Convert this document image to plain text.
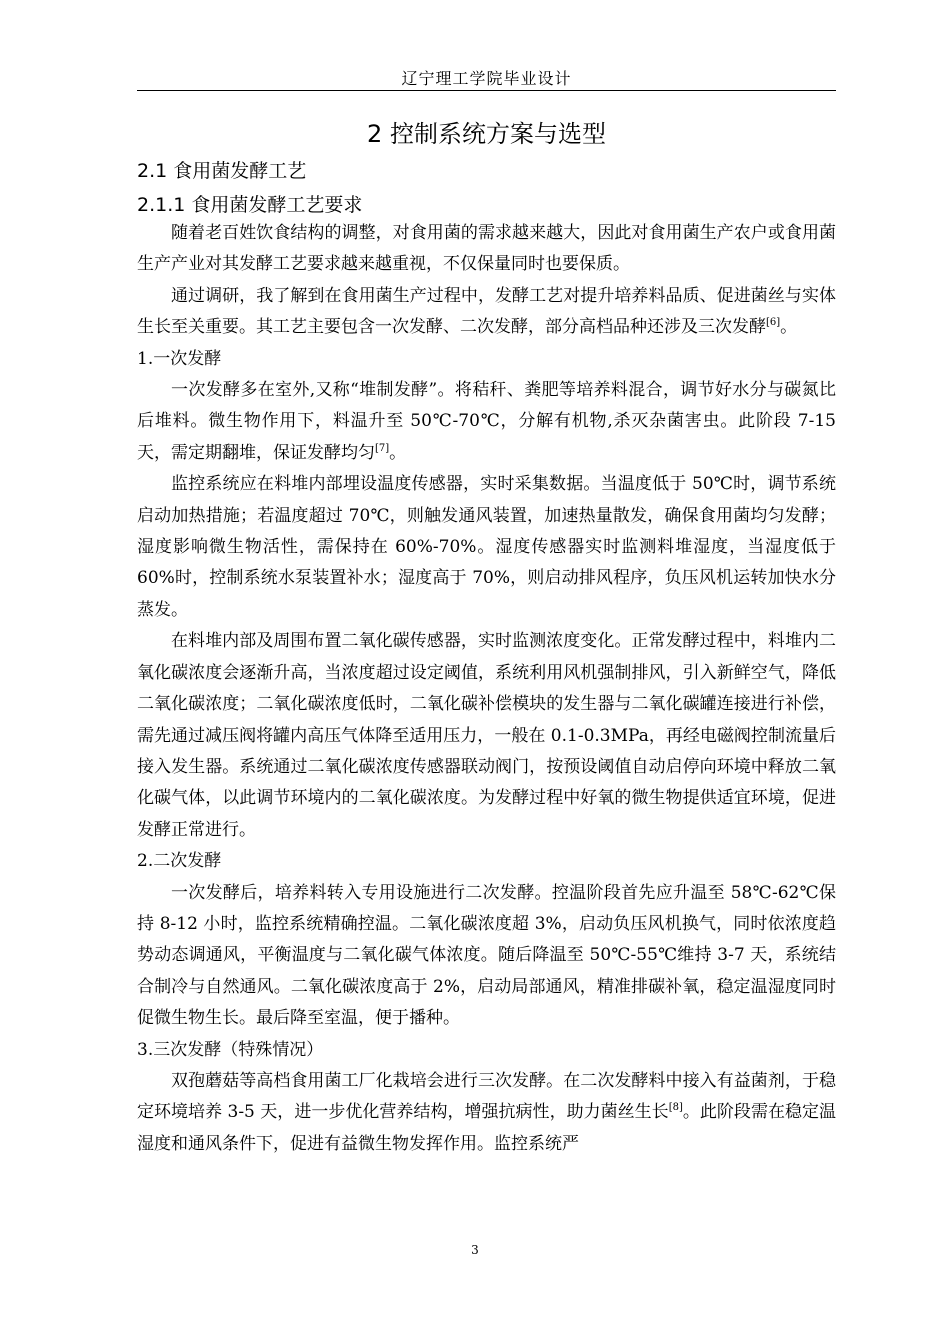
辽宁理工学院毕业设计
2 控制系统方案与选型
2.1 食用菌发酵工艺
2.1.1 食用菌发酵工艺要求

随着老百姓饮食结构的调整，对食用菌的需求越来越大，因此对食用菌生产农户或食用菌生产产业对其发酵工艺要求越来越重视，不仅保量同时也要保质。

通过调研，我了解到在食用菌生产过程中，发酵工艺对提升培养料品质、促进菌丝与实体生长至关重要。其工艺主要包含一次发酵、二次发酵，部分高档品种还涉及三次发酵[6]。

1.一次发酵

一次发酵多在室外,又称“堆制发酵”。将秸秆、粪肥等培养料混合，调节好水分与碳氮比后堆料。微生物作用下，料温升至 50℃-70℃，分解有机物,杀灭杂菌害虫。此阶段 7-15 天，需定期翻堆，保证发酵均匀[7]。

监控系统应在料堆内部埋设温度传感器，实时采集数据。当温度低于 50℃时，调节系统启动加热措施；若温度超过 70℃，则触发通风装置，加速热量散发，确保食用菌均匀发酵；湿度影响微生物活性，需保持在 60%-70%。湿度传感器实时监测料堆湿度，当湿度低于 60%时，控制系统水泵装置补水；湿度高于 70%，则启动排风程序，负压风机运转加快水分蒸发。

在料堆内部及周围布置二氧化碳传感器，实时监测浓度变化。正常发酵过程中，料堆内二氧化碳浓度会逐渐升高，当浓度超过设定阈值，系统利用风机强制排风，引入新鲜空气，降低二氧化碳浓度；二氧化碳浓度低时，二氧化碳补偿模块的发生器与二氧化碳罐连接进行补偿，需先通过减压阀将罐内高压气体降至适用压力，一般在 0.1-0.3MPa，再经电磁阀控制流量后接入发生器。系统通过二氧化碳浓度传感器联动阀门，按预设阈值自动启停向环境中释放二氧化碳气体，以此调节环境内的二氧化碳浓度。为发酵过程中好氧的微生物提供适宜环境，促进发酵正常进行。

2.二次发酵

一次发酵后，培养料转入专用设施进行二次发酵。控温阶段首先应升温至 58℃-62℃保持 8-12 小时，监控系统精确控温。二氧化碳浓度超 3%，启动负压风机换气，同时依浓度趋势动态调通风，平衡温度与二氧化碳气体浓度。随后降温至 50℃-55℃维持 3-7 天，系统结合制冷与自然通风。二氧化碳浓度高于 2%，启动局部通风，精准排碳补氧，稳定温湿度同时促微生物生长。最后降至室温，便于播种。

3.三次发酵（特殊情况）

双孢蘑菇等高档食用菌工厂化栽培会进行三次发酵。在二次发酵料中接入有益菌剂，于稳定环境培养 3-5 天，进一步优化营养结构，增强抗病性，助力菌丝生长[8]。此阶段需在稳定温湿度和通风条件下，促进有益微生物发挥作用。监控系统严

3
